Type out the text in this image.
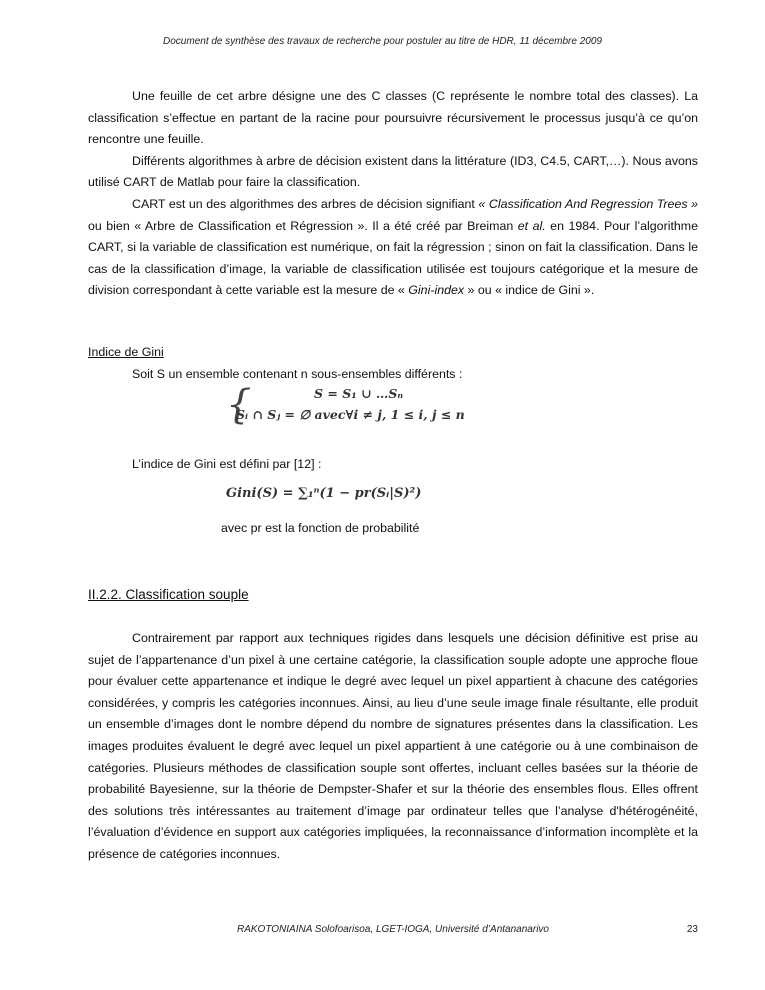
Document de synthèse des travaux de recherche pour postuler au titre de HDR, 11 décembre 2009

Une feuille de cet arbre désigne une des C classes (C représente le nombre total des classes). La classification s’effectue en partant de la racine pour poursuivre récursivement le processus jusqu’à ce qu’on rencontre une feuille.

Différents algorithmes à arbre de décision existent dans la littérature (ID3, C4.5, CART,…). Nous avons utilisé CART de Matlab pour faire la classification.

CART est un des algorithmes des arbres de décision signifiant « Classification And Regression Trees » ou bien « Arbre de Classification et Régression ». Il a été créé par Breiman et al. en 1984. Pour l’algorithme CART, si la variable de classification est numérique, on fait la régression ; sinon on fait la classification. Dans le cas de la classification d’image, la variable de classification utilisée est toujours catégorique et la mesure de division correspondant à cette variable est la mesure de « Gini-index » ou « indice de Gini ».

Indice de Gini
Soit S un ensemble contenant n sous-ensembles différents :
{	S = S₁ ∪ …Sₙ
Sᵢ ∩ Sⱼ = ∅ avec∀i ≠ j, 1 ≤ i, j ≤ n
L’indice de Gini est défini par [12] :
Gini(S) = ∑₁ⁿ(1 − pr(Sᵢ|S)²)
avec pr est la fonction de probabilité
II.2.2. Classification souple

Contrairement par rapport aux techniques rigides dans lesquels une décision définitive est prise au sujet de l’appartenance d’un pixel à une certaine catégorie, la classification souple adopte une approche floue pour évaluer cette appartenance et indique le degré avec lequel un pixel appartient à chacune des catégories considérées, y compris les catégories inconnues. Ainsi, au lieu d’une seule image finale résultante, elle produit un ensemble d’images dont le nombre dépend du nombre de signatures présentes dans la classification. Les images produites évaluent le degré avec lequel un pixel appartient à une catégorie ou à une combinaison de catégories. Plusieurs méthodes de classification souple sont offertes, incluant celles basées sur la théorie de probabilité Bayesienne, sur la théorie de Dempster-Shafer et sur la théorie des ensembles flous. Elles offrent des solutions très intéressantes au traitement d’image par ordinateur telles que l’analyse d'hétérogénéité, l’évaluation d’évidence en support aux catégories impliquées, la reconnaissance d’information incomplète et la présence de catégories inconnues.

RAKOTONIAINA Solofoarisoa, LGET-IOGA, Université d’Antananarivo	23
